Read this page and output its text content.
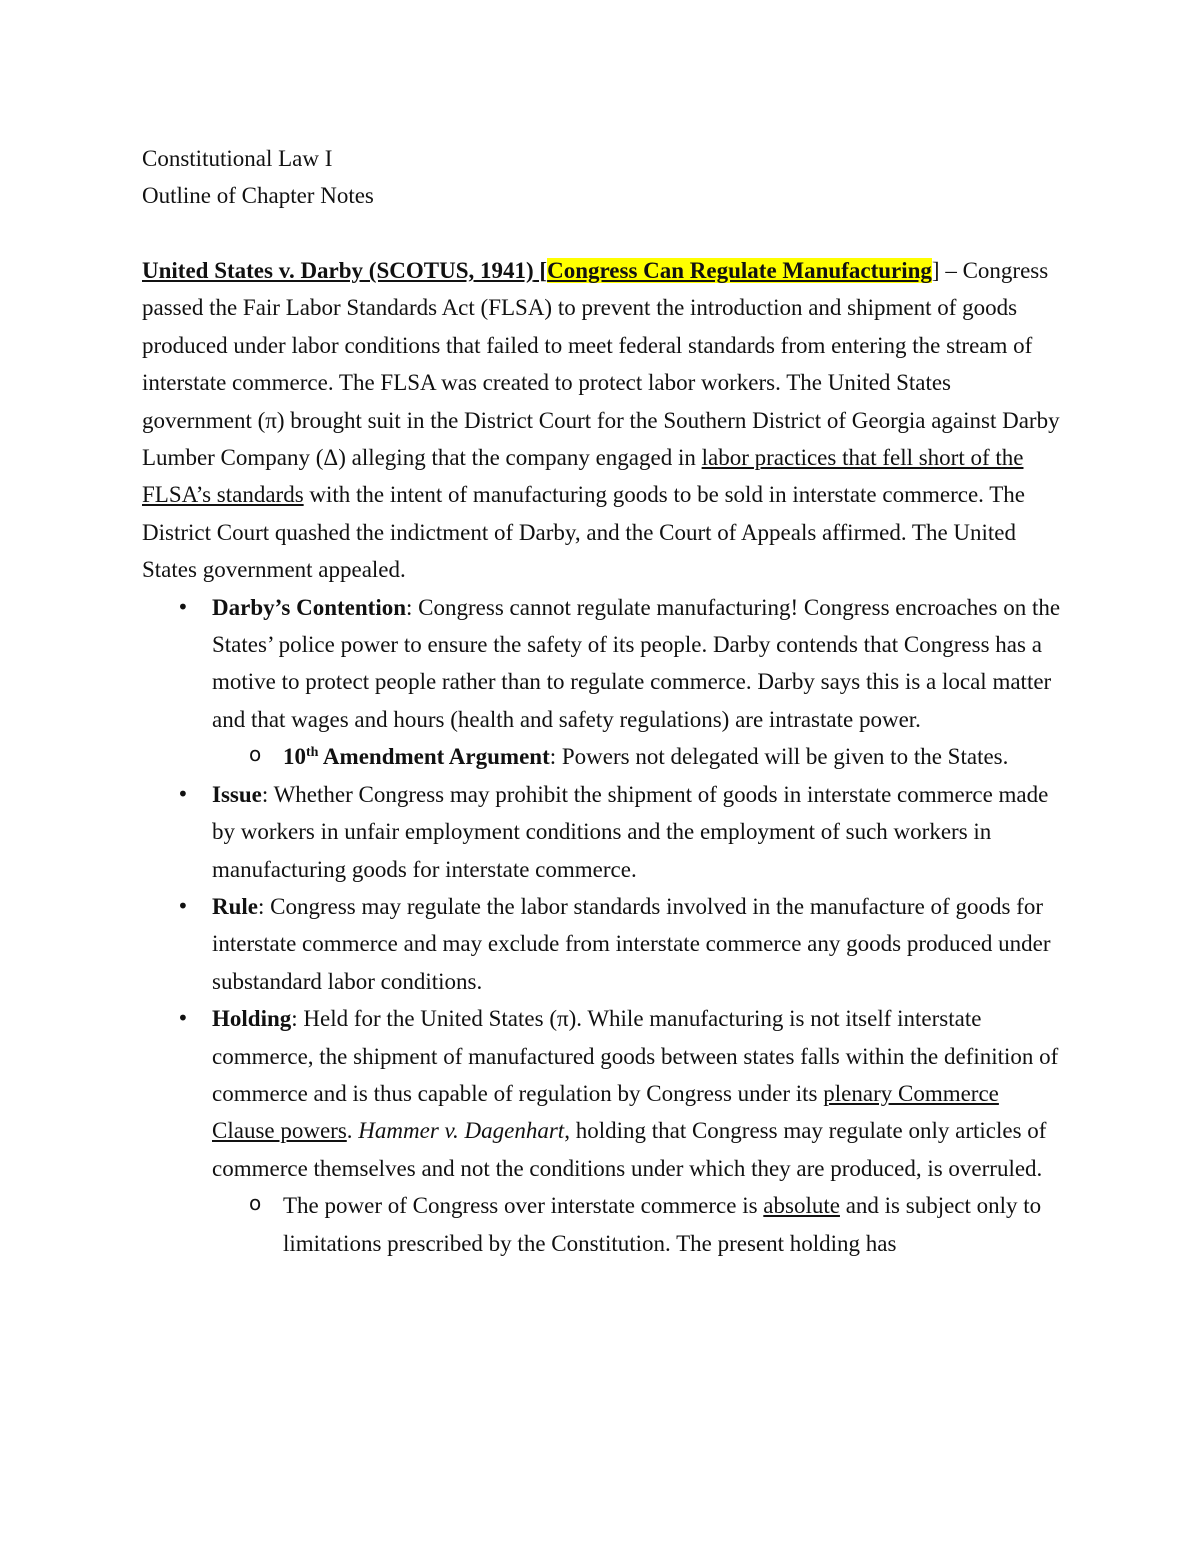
Constitutional Law I

Outline of Chapter Notes

United States v. Darby (SCOTUS, 1941) [Congress Can Regulate Manufacturing] – Congress passed the Fair Labor Standards Act (FLSA) to prevent the introduction and shipment of goods produced under labor conditions that failed to meet federal standards from entering the stream of interstate commerce. The FLSA was created to protect labor workers. The United States government (π) brought suit in the District Court for the Southern District of Georgia against Darby Lumber Company (Δ) alleging that the company engaged in labor practices that fell short of the FLSA’s standards with the intent of manufacturing goods to be sold in interstate commerce. The District Court quashed the indictment of Darby, and the Court of Appeals affirmed. The United States government appealed.

• Darby’s Contention: Congress cannot regulate manufacturing! Congress encroaches on the States’ police power to ensure the safety of its people. Darby contends that Congress has a motive to protect people rather than to regulate commerce. Darby says this is a local matter and that wages and hours (health and safety regulations) are intrastate power.
o 10th Amendment Argument: Powers not delegated will be given to the States.
• Issue: Whether Congress may prohibit the shipment of goods in interstate commerce made by workers in unfair employment conditions and the employment of such workers in manufacturing goods for interstate commerce.
• Rule: Congress may regulate the labor standards involved in the manufacture of goods for interstate commerce and may exclude from interstate commerce any goods produced under substandard labor conditions.
• Holding: Held for the United States (π). While manufacturing is not itself interstate commerce, the shipment of manufactured goods between states falls within the definition of commerce and is thus capable of regulation by Congress under its plenary Commerce Clause powers. Hammer v. Dagenhart, holding that Congress may regulate only articles of commerce themselves and not the conditions under which they are produced, is overruled.
o The power of Congress over interstate commerce is absolute and is subject only to limitations prescribed by the Constitution. The present holding has
